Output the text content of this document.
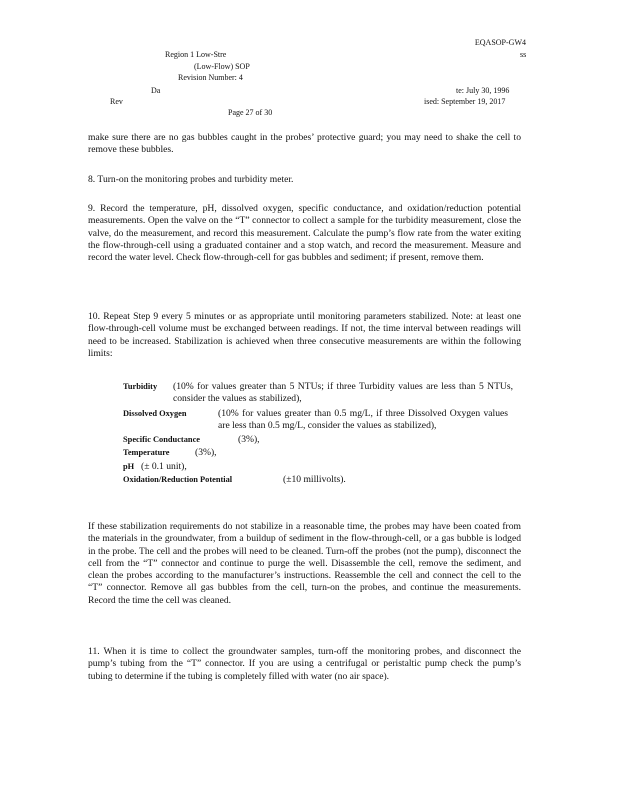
EQASOP-GW4
Region 1 Low-Stre	ss
(Low-Flow) SOP
Revision Number: 4
Da	te: July 30, 1996
Rev	ised: September 19, 2017
Page 27 of 30

make sure there are no gas bubbles caught in the probes’ protective guard; you may need to shake the cell to remove these bubbles.

8. Turn-on the monitoring probes and turbidity meter.

9. Record the temperature, pH, dissolved oxygen, specific conductance, and oxidation/reduction potential measurements. Open the valve on the “T” connector to collect a sample for the turbidity measurement, close the valve, do the measurement, and record this measurement. Calculate the pump’s flow rate from the water exiting the flow-through-cell using a graduated container and a stop watch, and record the measurement. Measure and record the water level. Check flow-through-cell for gas bubbles and sediment; if present, remove them.

10. Repeat Step 9 every 5 minutes or as appropriate until monitoring parameters stabilized. Note: at least one flow-through-cell volume must be exchanged between readings. If not, the time interval between readings will need to be increased. Stabilization is achieved when three consecutive measurements are within the following limits:

Turbidity	(10% for values greater than 5 NTUs; if three Turbidity values are less than 5 NTUs, consider the values as stabilized),
Dissolved Oxygen	(10% for values greater than 0.5 mg/L, if three Dissolved Oxygen values are less than 0.5 mg/L, consider the values as stabilized),
Specific Conductance	(3%),
Temperature	(3%),
pH (± 0.1 unit),
Oxidation/Reduction Potential	(±10 millivolts).

If these stabilization requirements do not stabilize in a reasonable time, the probes may have been coated from the materials in the groundwater, from a buildup of sediment in the flow-through-cell, or a gas bubble is lodged in the probe. The cell and the probes will need to be cleaned. Turn-off the probes (not the pump), disconnect the cell from the “T” connector and continue to purge the well. Disassemble the cell, remove the sediment, and clean the probes according to the manufacturer’s instructions. Reassemble the cell and connect the cell to the “T” connector. Remove all gas bubbles from the cell, turn-on the probes, and continue the measurements. Record the time the cell was cleaned.

11. When it is time to collect the groundwater samples, turn-off the monitoring probes, and disconnect the pump’s tubing from the “T” connector. If you are using a centrifugal or peristaltic pump check the pump’s tubing to determine if the tubing is completely filled with water (no air space).
